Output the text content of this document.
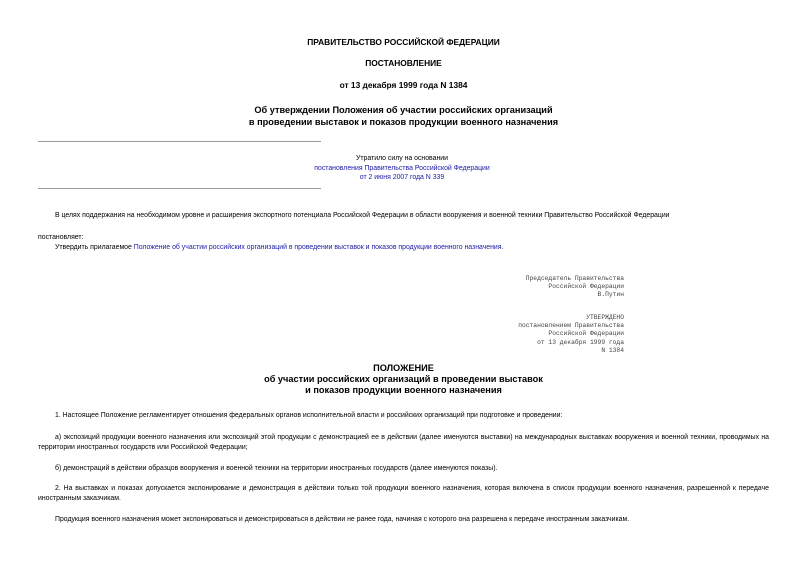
ПРАВИТЕЛЬСТВО РОССИЙСКОЙ ФЕДЕРАЦИИ
ПОСТАНОВЛЕНИЕ
от 13 декабря 1999 года N 1384
Об утверждении Положения об участии российских организаций
в проведении выставок и показов продукции военного назначения
Утратило силу на основании
постановления Правительства Российской Федерации
от 2 июня 2007 года N 339
В целях поддержания на необходимом уровне и расширения экспортного потенциала Российской Федерации в области вооружения и военной техники Правительство Российской Федерации
постановляет:
Утвердить прилагаемое Положение об участии российских организаций в проведении выставок и показов продукции военного назначения.
Председатель Правительства
Российской Федерации
В.Путин
УТВЕРЖДЕНО
постановлением Правительства
Российской Федерации
от 13 декабря 1999 года
N 1384
ПОЛОЖЕНИЕ
об участии российских организаций в проведении выставок
и показов продукции военного назначения
1. Настоящее Положение регламентирует отношения федеральных органов исполнительной власти и российских организаций при подготовке и проведении:
а) экспозиций продукции военного назначения или экспозиций этой продукции с демонстрацией ее в действии (далее именуются выставки) на международных выставках вооружения и военной техники, проводимых на территории иностранных государств или Российской Федерации;
б) демонстраций в действии образцов вооружения и военной техники на территории иностранных государств (далее именуются показы).
2. На выставках и показах допускается экспонирование и демонстрация в действии только той продукции военного назначения, которая включена в список продукции военного назначения, разрешенной к передаче иностранным заказчикам.
Продукция военного назначения может экспонироваться и демонстрироваться в действии не ранее года, начиная с которого она разрешена к передаче иностранным заказчикам.
